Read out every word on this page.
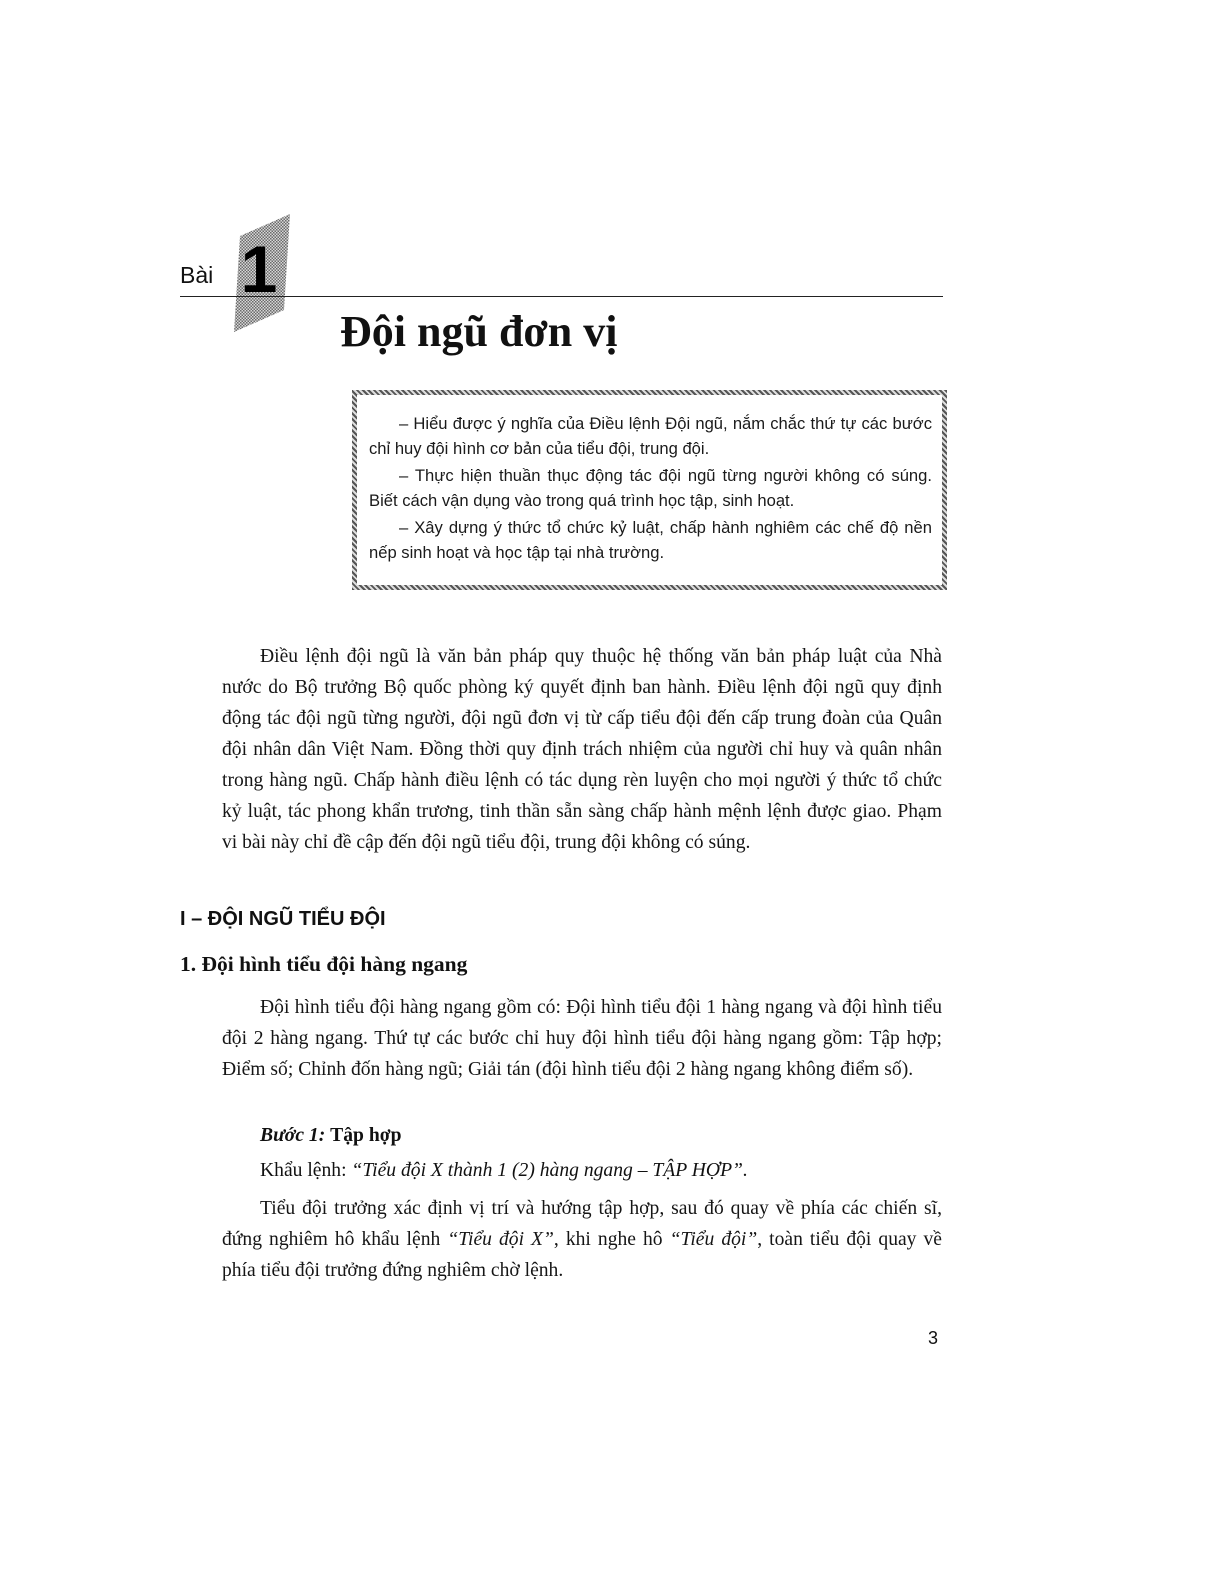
Bài 1
Đội ngũ đơn vị

– Hiểu được ý nghĩa của Điều lệnh Đội ngũ, nắm chắc thứ tự các bước chỉ huy đội hình cơ bản của tiểu đội, trung đội.

– Thực hiện thuần thục động tác đội ngũ từng người không có súng. Biết cách vận dụng vào trong quá trình học tập, sinh hoạt.

– Xây dựng ý thức tổ chức kỷ luật, chấp hành nghiêm các chế độ nền nếp sinh hoạt và học tập tại nhà trường.

Điều lệnh đội ngũ là văn bản pháp quy thuộc hệ thống văn bản pháp luật của Nhà nước do Bộ trưởng Bộ quốc phòng ký quyết định ban hành. Điều lệnh đội ngũ quy định động tác đội ngũ từng người, đội ngũ đơn vị từ cấp tiểu đội đến cấp trung đoàn của Quân đội nhân dân Việt Nam. Đồng thời quy định trách nhiệm của người chỉ huy và quân nhân trong hàng ngũ. Chấp hành điều lệnh có tác dụng rèn luyện cho mọi người ý thức tổ chức kỷ luật, tác phong khẩn trương, tinh thần sẵn sàng chấp hành mệnh lệnh được giao. Phạm vi bài này chỉ đề cập đến đội ngũ tiểu đội, trung đội không có súng.

I – ĐỘI NGŨ TIỂU ĐỘI
1. Đội hình tiểu đội hàng ngang

Đội hình tiểu đội hàng ngang gồm có: Đội hình tiểu đội 1 hàng ngang và đội hình tiểu đội 2 hàng ngang. Thứ tự các bước chỉ huy đội hình tiểu đội hàng ngang gồm: Tập hợp; Điểm số; Chỉnh đốn hàng ngũ; Giải tán (đội hình tiểu đội 2 hàng ngang không điểm số).

Bước 1: Tập hợp
Khẩu lệnh: “Tiểu đội X thành 1 (2) hàng ngang – TẬP HỢP”.

Tiểu đội trưởng xác định vị trí và hướng tập hợp, sau đó quay về phía các chiến sĩ, đứng nghiêm hô khẩu lệnh “Tiểu đội X”, khi nghe hô “Tiểu đội”, toàn tiểu đội quay về phía tiểu đội trưởng đứng nghiêm chờ lệnh.

3
